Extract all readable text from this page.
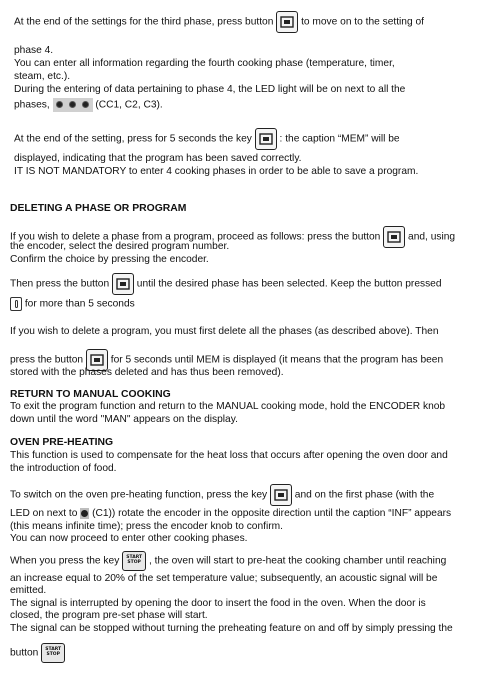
At the end of the settings for the third phase, press button	to move on to the setting of
phase 4.
You can enter all information regarding the fourth cooking phase (temperature, timer,
steam, etc.).
During the entering of data pertaining to phase 4, the LED light will be on next to all the
phases,	(CC1, C2, C3).
At the end of the setting, press for 5 seconds the key	: the caption “MEM” will be
displayed, indicating that the program has been saved correctly.
IT IS NOT MANDATORY to enter 4 cooking phases in order to be able to save a program.
DELETING A PHASE OR PROGRAM
If you wish to delete a phase from a program, proceed as follows: press the button	and, using
the encoder, select the desired program number.
Confirm the choice by pressing the encoder.
Then press the button	until the desired phase has been selected. Keep the button pressed
for more than 5 seconds
If you wish to delete a program, you must first delete all the phases (as described above). Then
press the button	for 5 seconds until MEM is displayed (it means that the program has been
stored with the phases deleted and has thus been removed).
RETURN TO MANUAL COOKING
To exit the program function and return to the MANUAL cooking mode, hold the ENCODER knob
down until the word "MAN" appears on the display.
OVEN PRE-HEATING
This function is used to compensate for the heat loss that occurs after opening the oven door and
the introduction of food.
To switch on the oven pre-heating function, press the key	and on the first phase (with the
LED on next to (C1)) rotate the encoder in the opposite direction until the caption “INF” appears
(this means infinite time); press the encoder knob to confirm.
You can now proceed to enter other cooking phases.
When you press the key START
STOP , the oven will start to pre-heat the cooking chamber until reaching
an increase equal to 20% of the set temperature value; subsequently, an acoustic signal will be
emitted.
The signal is interrupted by opening the door to insert the food in the oven. When the door is
closed, the program pre-set phase will start.
The signal can be stopped without turning the preheating feature on and off by simply pressing the
button START
STOP
